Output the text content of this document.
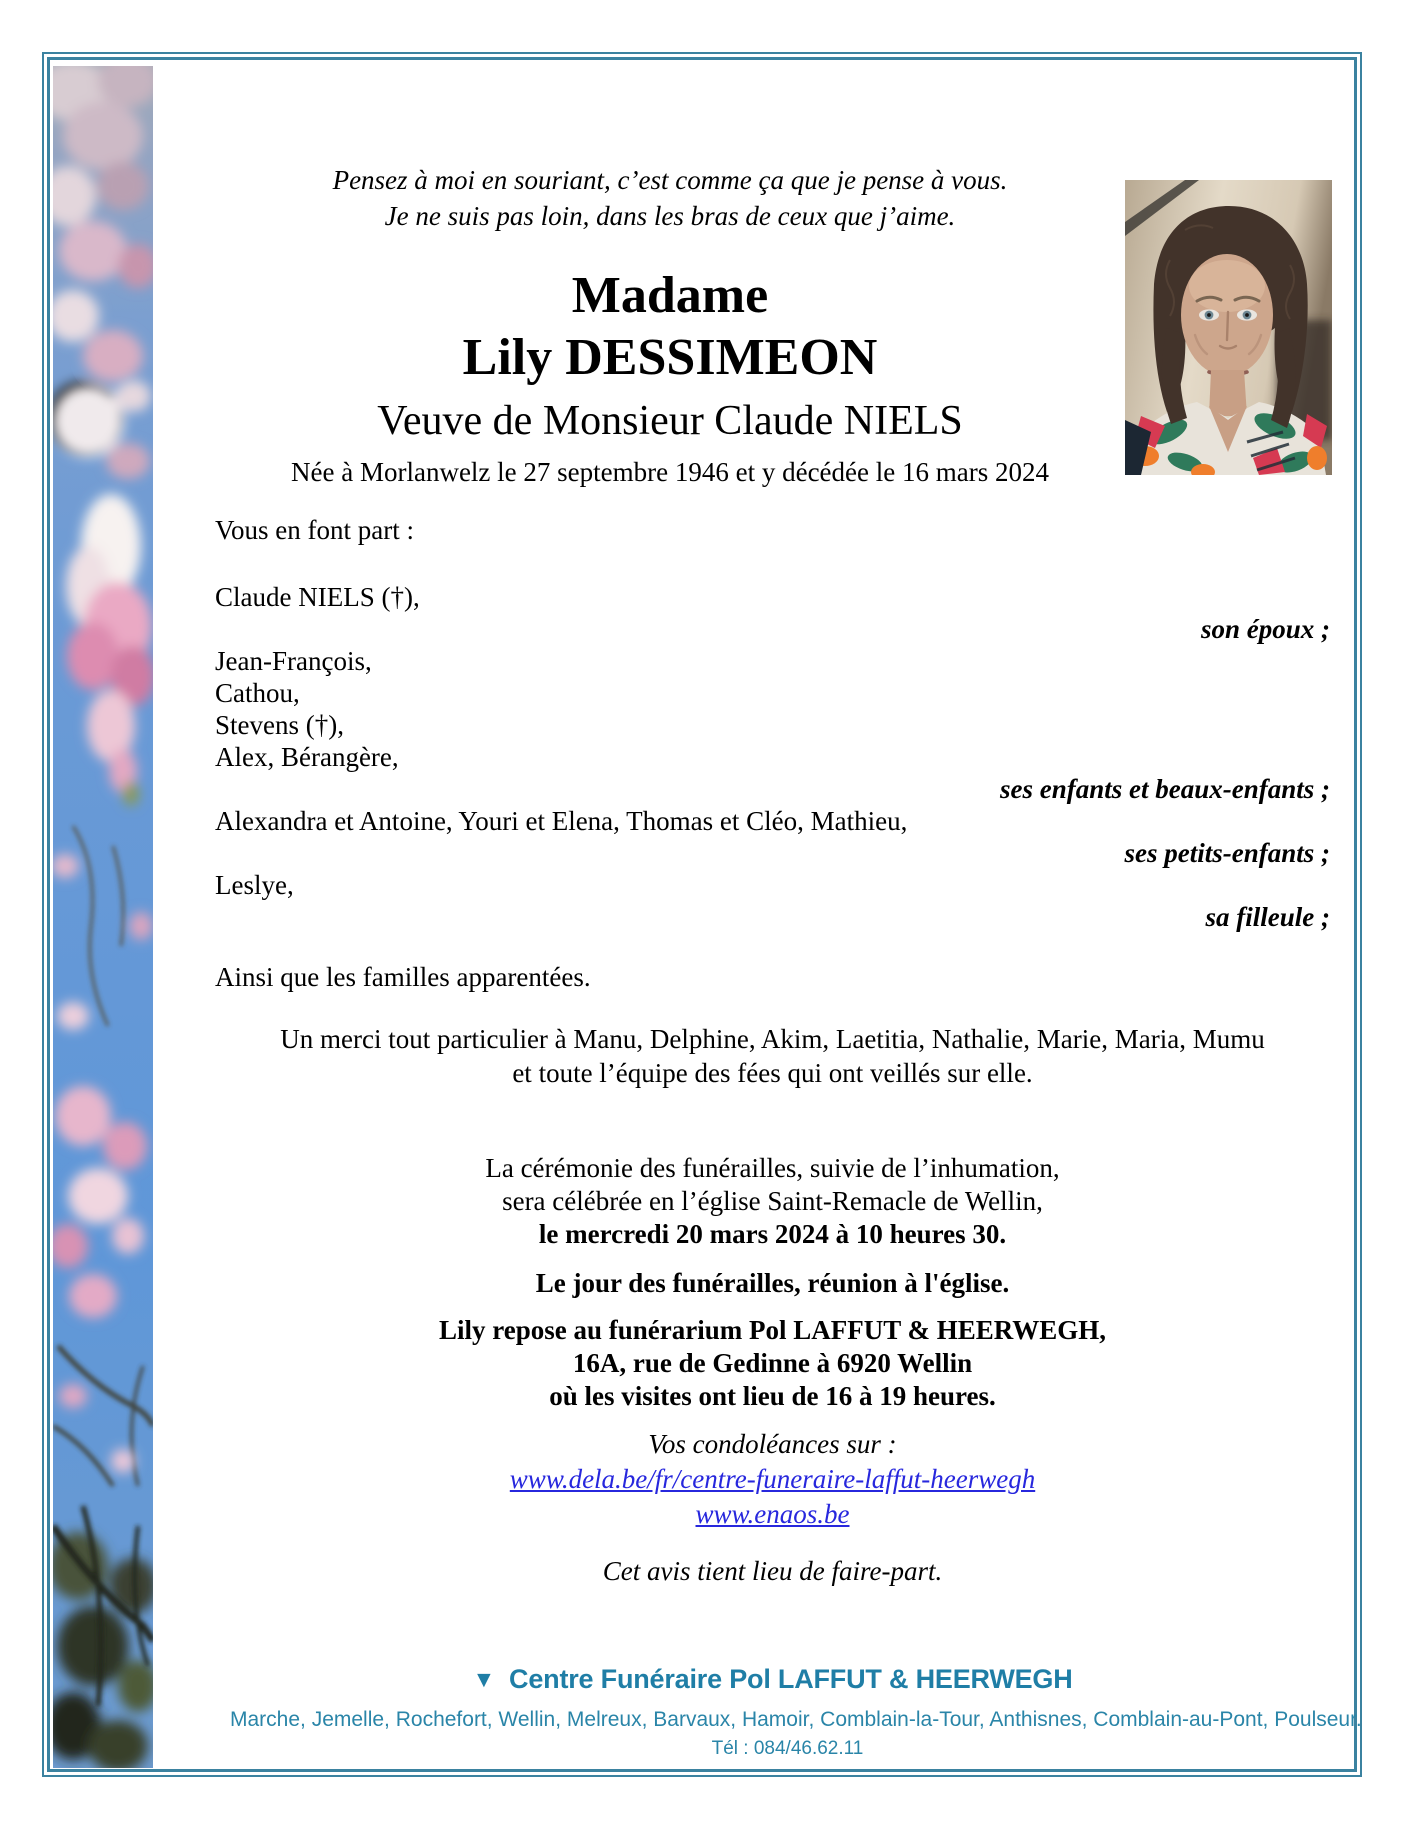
Pensez à moi en souriant, c’est comme ça que je pense à vous.
Je ne suis pas loin, dans les bras de ceux que j’aime.
Madame
Lily DESSIMEON
Veuve de Monsieur Claude NIELS
Née à Morlanwelz le 27 septembre 1946 et y décédée le 16 mars 2024
Vous en font part :
Claude NIELS (†),
son époux ;
Jean-François,
Cathou,
Stevens (†),
Alex, Bérangère,
ses enfants et beaux-enfants ;
Alexandra et Antoine, Youri et Elena, Thomas et Cléo, Mathieu,
ses petits-enfants ;
Leslye,
sa filleule ;
Ainsi que les familles apparentées.
Un merci tout particulier à Manu, Delphine, Akim, Laetitia, Nathalie, Marie, Maria, Mumu
et toute l’équipe des fées qui ont veillés sur elle.
La cérémonie des funérailles, suivie de l’inhumation,
sera célébrée en l’église Saint-Remacle de Wellin,
le mercredi 20 mars 2024 à 10 heures 30.
Le jour des funérailles, réunion à l'église.
Lily repose au funérarium Pol LAFFUT & HEERWEGH,
16A, rue de Gedinne à 6920 Wellin
où les visites ont lieu de 16 à 19 heures.
Vos condoléances sur :
www.dela.be/fr/centre-funeraire-laffut-heerwegh
www.enaos.be
Cet avis tient lieu de faire-part.
▼ Centre Funéraire Pol LAFFUT & HEERWEGH
Marche, Jemelle, Rochefort, Wellin, Melreux, Barvaux, Hamoir, Comblain-la-Tour, Anthisnes, Comblain-au-Pont, Poulseur.
Tél : 084/46.62.11
